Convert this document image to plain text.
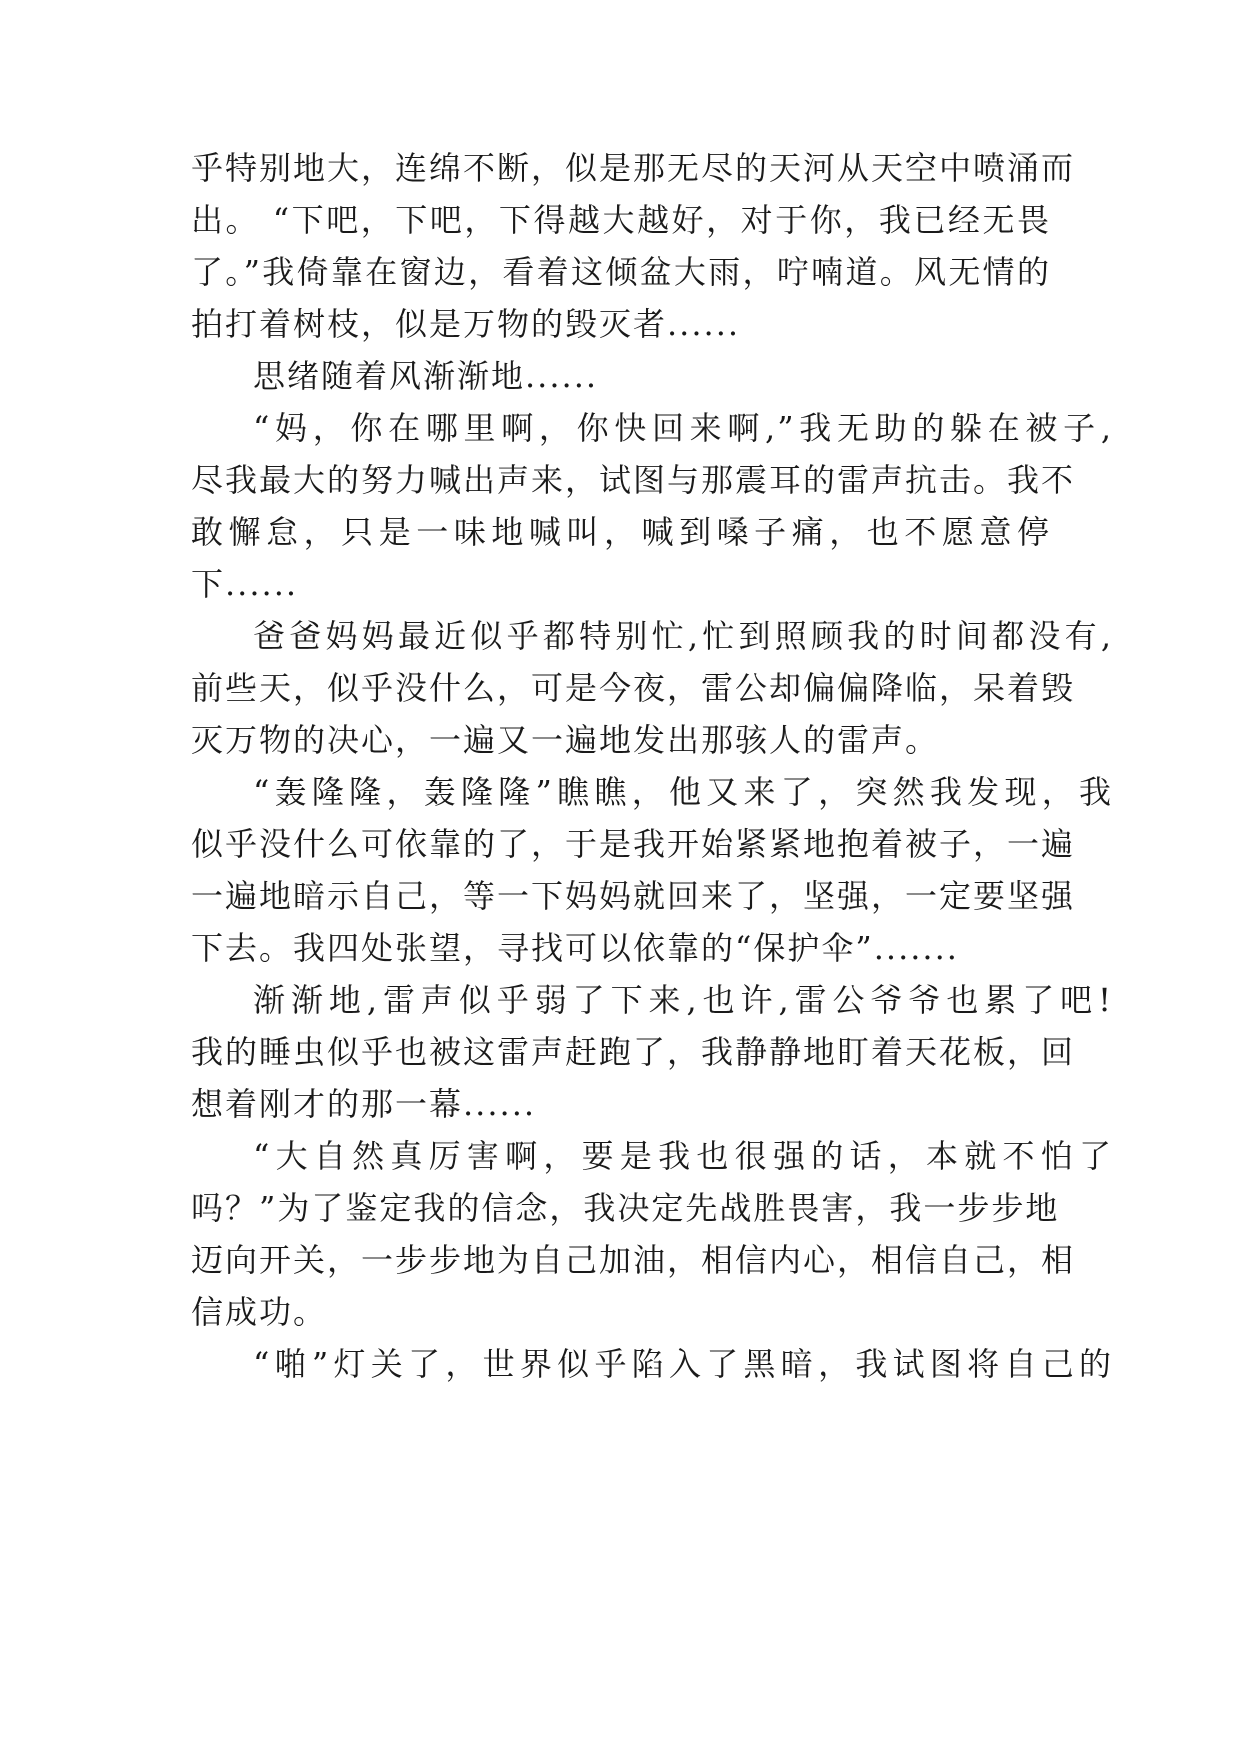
乎特别地大，连绵不断，似是那无尽的天河从天空中喷涌而
出。 “下吧，下吧，下得越大越好，对于你，我已经无畏
了。”我倚靠在窗边，看着这倾盆大雨，咛喃道。风无情的
拍打着树枝，似是万物的毁灭者......
思绪随着风渐渐地......
“妈，你在哪里啊，你快回来啊,”我无助的躲在被子,
尽我最大的努力喊出声来，试图与那震耳的雷声抗击。我不
敢懈怠，只是一味地喊叫，喊到嗓子痛，也不愿意停
下......
爸爸妈妈最近似乎都特别忙,忙到照顾我的时间都没有,
前些天，似乎没什么，可是今夜，雷公却偏偏降临，呆着毁
灭万物的决心，一遍又一遍地发出那骇人的雷声。
“轰隆隆，轰隆隆”瞧瞧，他又来了，突然我发现，我
似乎没什么可依靠的了，于是我开始紧紧地抱着被子，一遍
一遍地暗示自己，等一下妈妈就回来了，坚强，一定要坚强
下去。我四处张望，寻找可以依靠的“保护伞”.......
渐渐地,雷声似乎弱了下来,也许,雷公爷爷也累了吧!
我的睡虫似乎也被这雷声赶跑了，我静静地盯着天花板，回
想着刚才的那一幕......
“大自然真厉害啊，要是我也很强的话，本就不怕了
吗？”为了鉴定我的信念，我决定先战胜畏害，我一步步地
迈向开关，一步步地为自己加油，相信内心，相信自己，相
信成功。
“啪”灯关了，世界似乎陷入了黑暗，我试图将自己的
